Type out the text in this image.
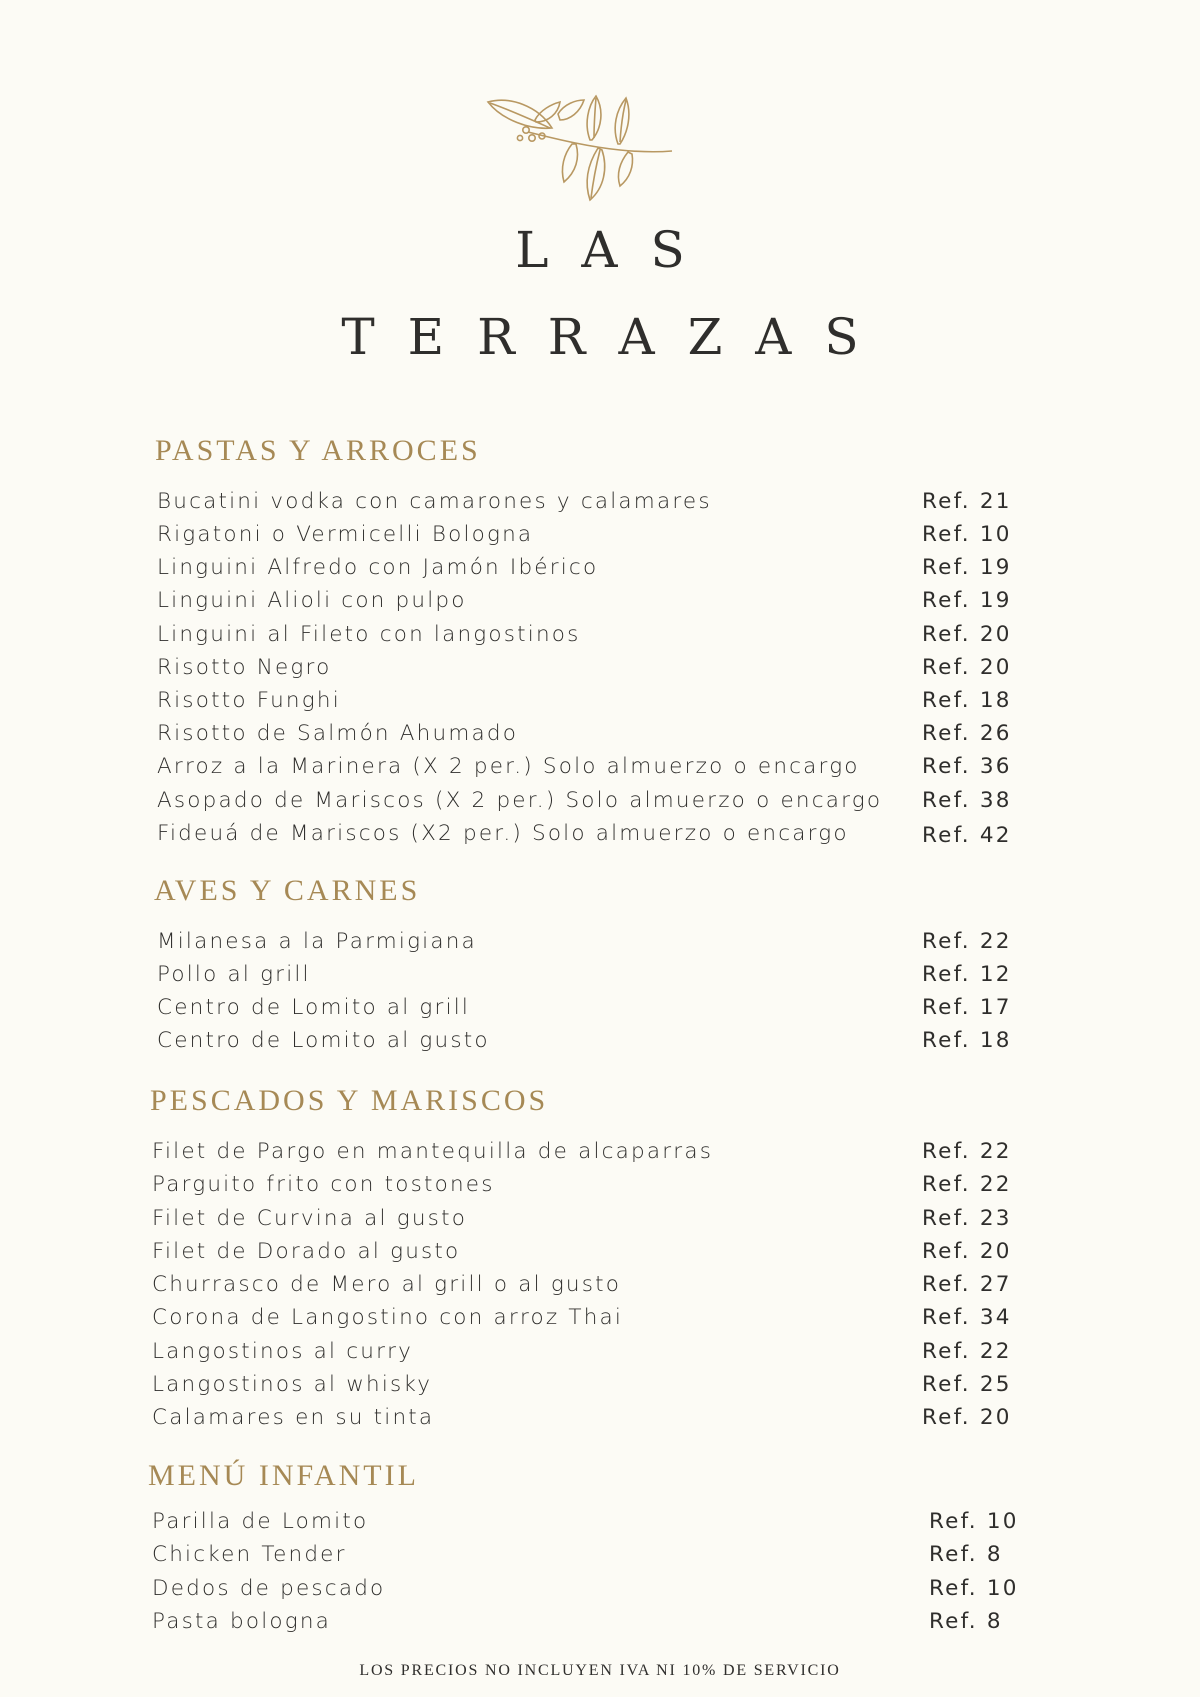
LAS
TERRAZAS
PASTAS Y ARROCES
Bucatini vodka con camarones y calamares	Ref. 21
Rigatoni o Vermicelli Bologna	Ref. 10
Linguini Alfredo con Jamón Ibérico	Ref. 19
Linguini Alioli con pulpo	Ref. 19
Linguini al Fileto con langostinos	Ref. 20
Risotto Negro	Ref. 20
Risotto Funghi	Ref. 18
Risotto de Salmón Ahumado	Ref. 26
Arroz a la Marinera (X 2 per.) Solo almuerzo o encargo	Ref. 36
Asopado de Mariscos (X 2 per.) Solo almuerzo o encargo Ref. 38
Fideuá de Mariscos (X2 per.) Solo almuerzo o encargo	Ref. 42
AVES Y CARNES
Milanesa a la Parmigiana	Ref. 22
Pollo al grill	Ref. 12
Centro de Lomito al grill	Ref. 17
Centro de Lomito al gusto	Ref. 18
PESCADOS Y MARISCOS
Filet de Pargo en mantequilla de alcaparras	Ref. 22
Parguito frito con tostones	Ref. 22
Filet de Curvina al gusto	Ref. 23
Filet de Dorado al gusto	Ref. 20
Churrasco de Mero al grill o al gusto	Ref. 27
Corona de Langostino con arroz Thai	Ref. 34
Langostinos al curry	Ref. 22
Langostinos al whisky	Ref. 25
Calamares en su tinta	Ref. 20
MENÚ INFANTIL
Parilla de Lomito	Ref. 10
Chicken Tender	Ref. 8
Dedos de pescado	Ref. 10
Pasta bologna	Ref. 8

LOS PRECIOS NO INCLUYEN IVA NI 10% DE SERVICIO
